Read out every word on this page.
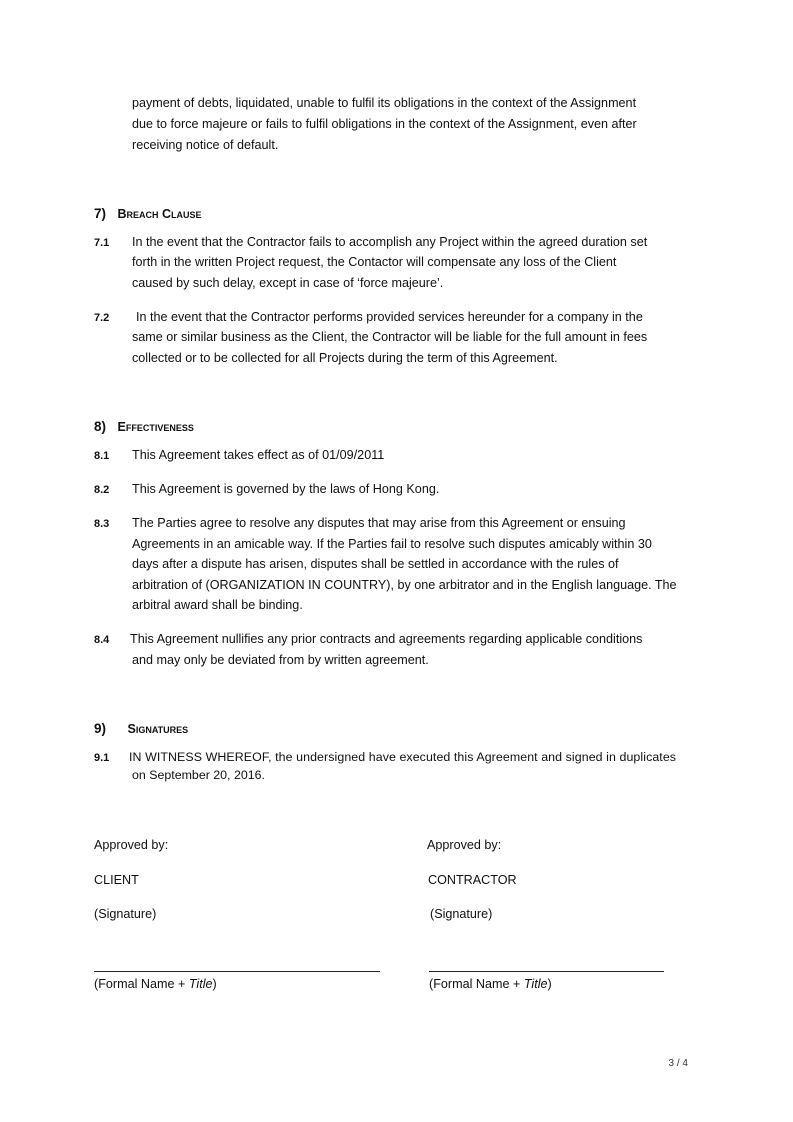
payment of debts, liquidated, unable to fulfil its obligations in the context of the Assignment
due to force majeure or fails to fulfil obligations in the context of the Assignment, even after
receiving notice of default.
7) Breach Clause
7.1 In the event that the Contractor fails to accomplish any Project within the agreed duration set
forth in the written Project request, the Contactor will compensate any loss of the Client
caused by such delay, except in case of ‘force majeure’.
7.2 In the event that the Contractor performs provided services hereunder for a company in the
same or similar business as the Client, the Contractor will be liable for the full amount in fees
collected or to be collected for all Projects during the term of this Agreement.
8) Effectiveness
8.1 This Agreement takes effect as of 01/09/2011
8.2 This Agreement is governed by the laws of Hong Kong.
8.3 The Parties agree to resolve any disputes that may arise from this Agreement or ensuing
Agreements in an amicable way. If the Parties fail to resolve such disputes amicably within 30
days after a dispute has arisen, disputes shall be settled in accordance with the rules of
arbitration of (ORGANIZATION IN COUNTRY), by one arbitrator and in the English language. The
arbitral award shall be binding.
8.4 This Agreement nullifies any prior contracts and agreements regarding applicable conditions
and may only be deviated from by written agreement.
9) Signatures
9.1 IN WITNESS WHEREOF, the undersigned have executed this Agreement and signed in duplicates
on September 20, 2016.
Approved by:
CLIENT
(Signature)
(Formal Name + Title)
Approved by:
CONTRACTOR
(Signature)
(Formal Name + Title)
3 / 4
